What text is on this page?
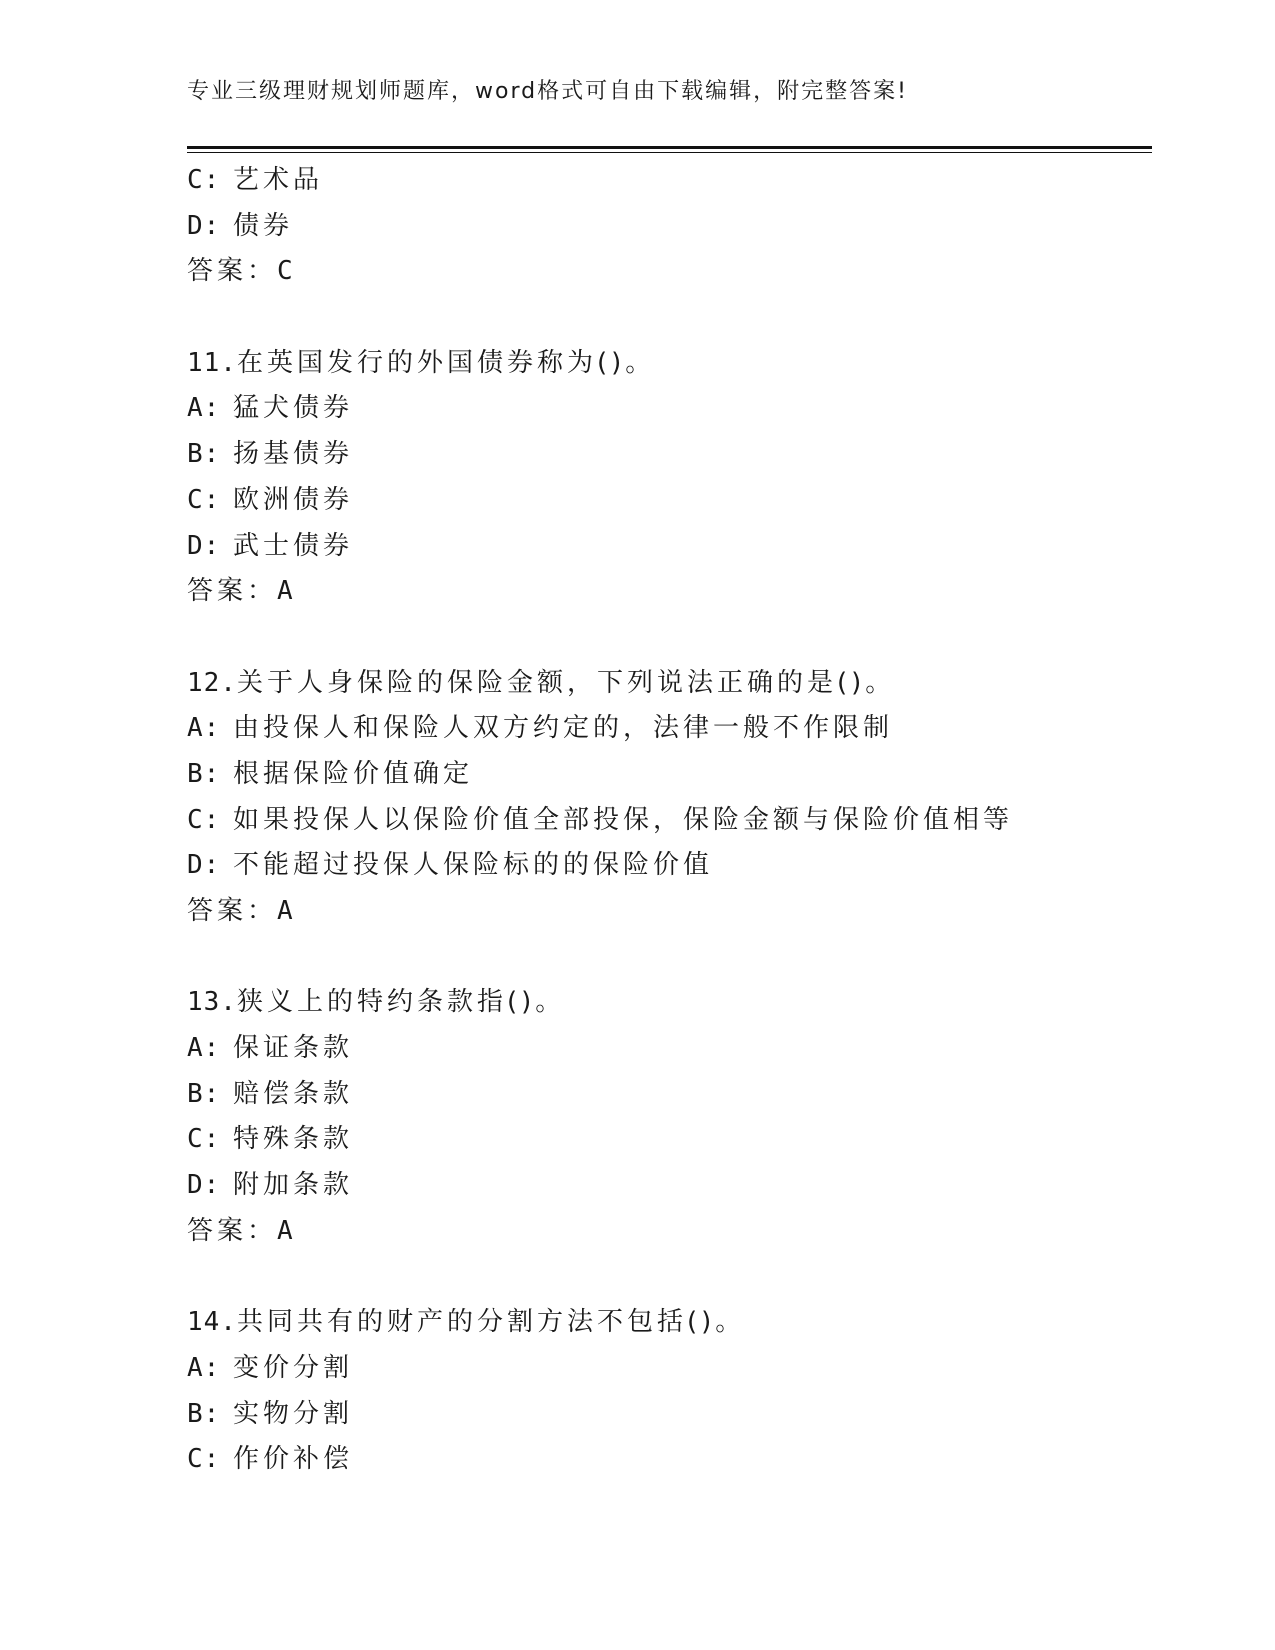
专业三级理财规划师题库，word格式可自由下载编辑，附完整答案!
C: 艺术品
D: 债券
答案：C
11.在英国发行的外国债券称为()。
A: 猛犬债券
B: 扬基债券
C: 欧洲债券
D: 武士债券
答案：A
12.关于人身保险的保险金额，下列说法正确的是()。
A: 由投保人和保险人双方约定的，法律一般不作限制
B: 根据保险价值确定
C: 如果投保人以保险价值全部投保，保险金额与保险价值相等
D: 不能超过投保人保险标的的保险价值
答案：A
13.狭义上的特约条款指()。
A: 保证条款
B: 赔偿条款
C: 特殊条款
D: 附加条款
答案：A
14.共同共有的财产的分割方法不包括()。
A: 变价分割
B: 实物分割
C: 作价补偿
